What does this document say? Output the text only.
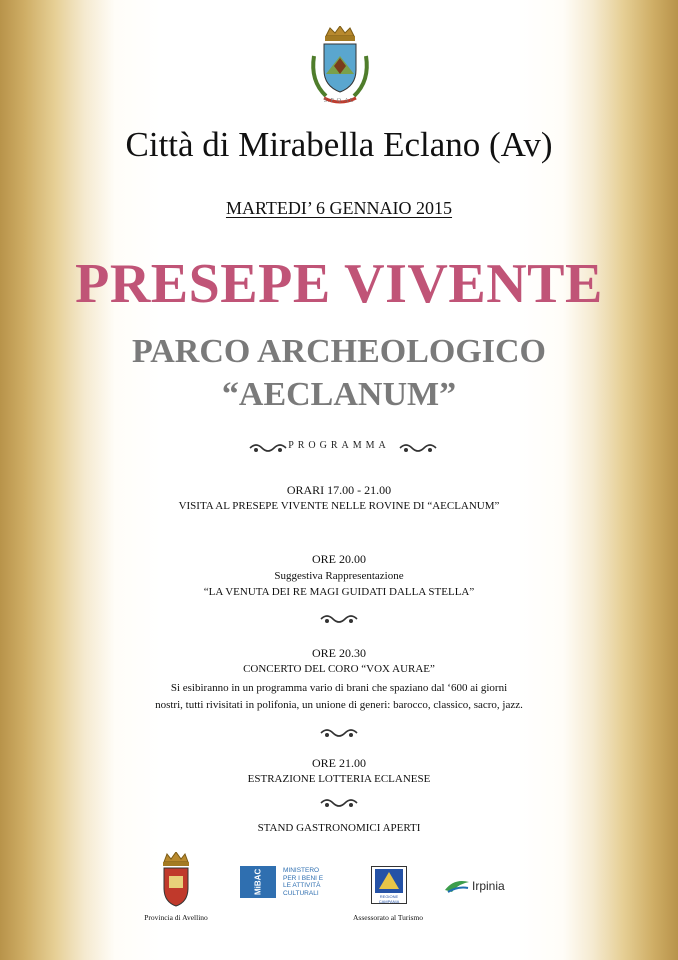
S.P.Q.AE
Città di Mirabella Eclano (Av)
MARTEDI’ 6 GENNAIO 2015
PRESEPE VIVENTE
PARCO ARCHEOLOGICO
“AECLANUM”
PROGRAMMA
ORARI 17.00 - 21.00
VISITA AL PRESEPE VIVENTE NELLE ROVINE DI “AECLANUM”
ORE 20.00
Suggestiva Rappresentazione
“LA VENUTA DEI RE MAGI GUIDATI DALLA STELLA”
ORE 20.30
CONCERTO DEL CORO “VOX AURAE”
Si esibiranno in un programma vario di brani che spaziano dal ‘600 ai giorni
nostri, tutti rivisitati in polifonia, un unione di generi: barocco, classico, sacro, jazz.
ORE 21.00
ESTRAZIONE LOTTERIA ECLANESE
STAND GASTRONOMICI APERTI
Provincia di Avellino
MiBAC	MINISTERO
PER I BENI E
LE ATTIVITÀ
CULTURALI	REGIONE CAMPANIA
Assessorato al Turismo
Irpinia
